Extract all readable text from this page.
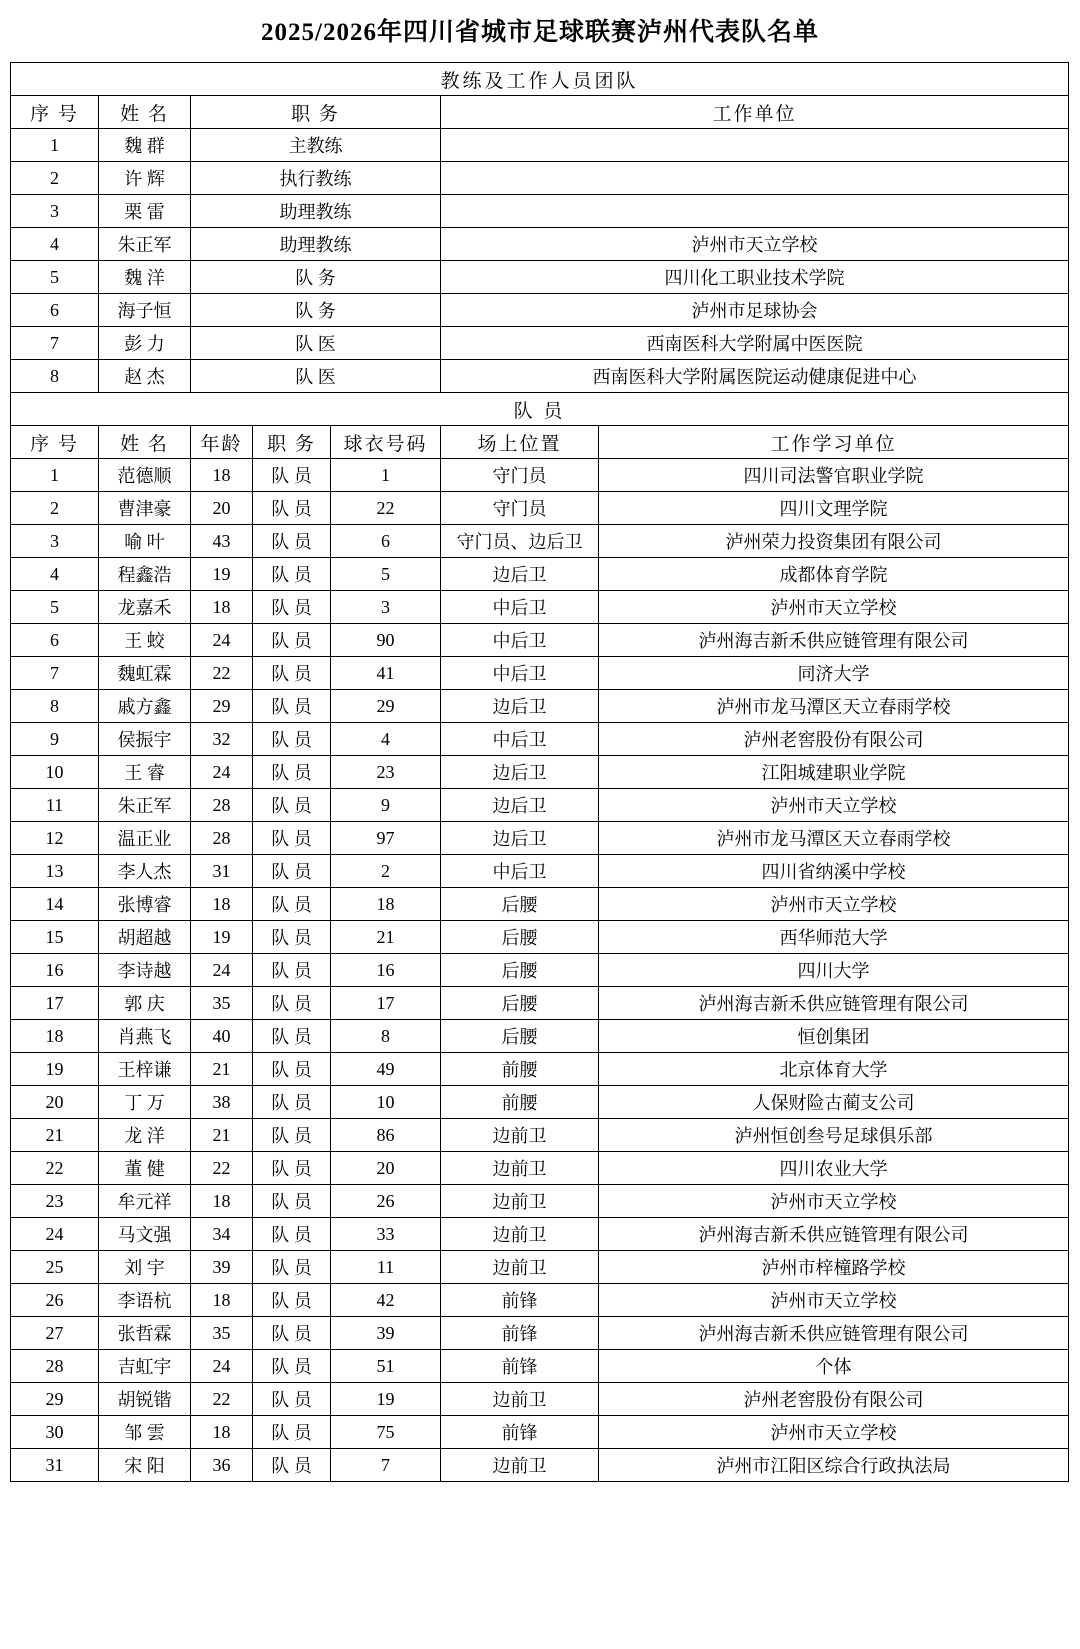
2025/2026年四川省城市足球联赛泸州代表队名单
教练及工作人员团队						
序 号	姓 名	职 务			工作单位	
1	魏 群	主教练				
2	许 辉	执行教练				
3	栗 雷	助理教练				
4	朱正军	助理教练			泸州市天立学校	
5	魏 洋	队 务			四川化工职业技术学院	
6	海子恒	队 务			泸州市足球协会	
7	彭 力	队 医			西南医科大学附属中医医院	
8	赵 杰	队 医			西南医科大学附属医院运动健康促进中心	
队 员						
序 号	姓 名	年龄	职 务	球衣号码	场上位置	工作学习单位
1	范德顺	18	队 员	1	守门员	四川司法警官职业学院
2	曹津豪	20	队 员	22	守门员	四川文理学院
3	喻 叶	43	队 员	6	守门员、边后卫	泸州荣力投资集团有限公司
4	程鑫浩	19	队 员	5	边后卫	成都体育学院
5	龙嘉禾	18	队 员	3	中后卫	泸州市天立学校
6	王 蛟	24	队 员	90	中后卫	泸州海吉新禾供应链管理有限公司
7	魏虹霖	22	队 员	41	中后卫	同济大学
8	戚方鑫	29	队 员	29	边后卫	泸州市龙马潭区天立春雨学校
9	侯振宇	32	队 员	4	中后卫	泸州老窖股份有限公司
10	王 睿	24	队 员	23	边后卫	江阳城建职业学院
11	朱正军	28	队 员	9	边后卫	泸州市天立学校
12	温正业	28	队 员	97	边后卫	泸州市龙马潭区天立春雨学校
13	李人杰	31	队 员	2	中后卫	四川省纳溪中学校
14	张博睿	18	队 员	18	后腰	泸州市天立学校
15	胡超越	19	队 员	21	后腰	西华师范大学
16	李诗越	24	队 员	16	后腰	四川大学
17	郭 庆	35	队 员	17	后腰	泸州海吉新禾供应链管理有限公司
18	肖燕飞	40	队 员	8	后腰	恒创集团
19	王梓谦	21	队 员	49	前腰	北京体育大学
20	丁 万	38	队 员	10	前腰	人保财险古蔺支公司
21	龙 洋	21	队 员	86	边前卫	泸州恒创叁号足球俱乐部
22	董 健	22	队 员	20	边前卫	四川农业大学
23	牟元祥	18	队 员	26	边前卫	泸州市天立学校
24	马文强	34	队 员	33	边前卫	泸州海吉新禾供应链管理有限公司
25	刘 宇	39	队 员	11	边前卫	泸州市梓橦路学校
26	李语杭	18	队 员	42	前锋	泸州市天立学校
27	张哲霖	35	队 员	39	前锋	泸州海吉新禾供应链管理有限公司
28	吉虹宇	24	队 员	51	前锋	个体
29	胡锐锴	22	队 员	19	边前卫	泸州老窖股份有限公司
30	邹 雲	18	队 员	75	前锋	泸州市天立学校
31	宋 阳	36	队 员	7	边前卫	泸州市江阳区综合行政执法局
